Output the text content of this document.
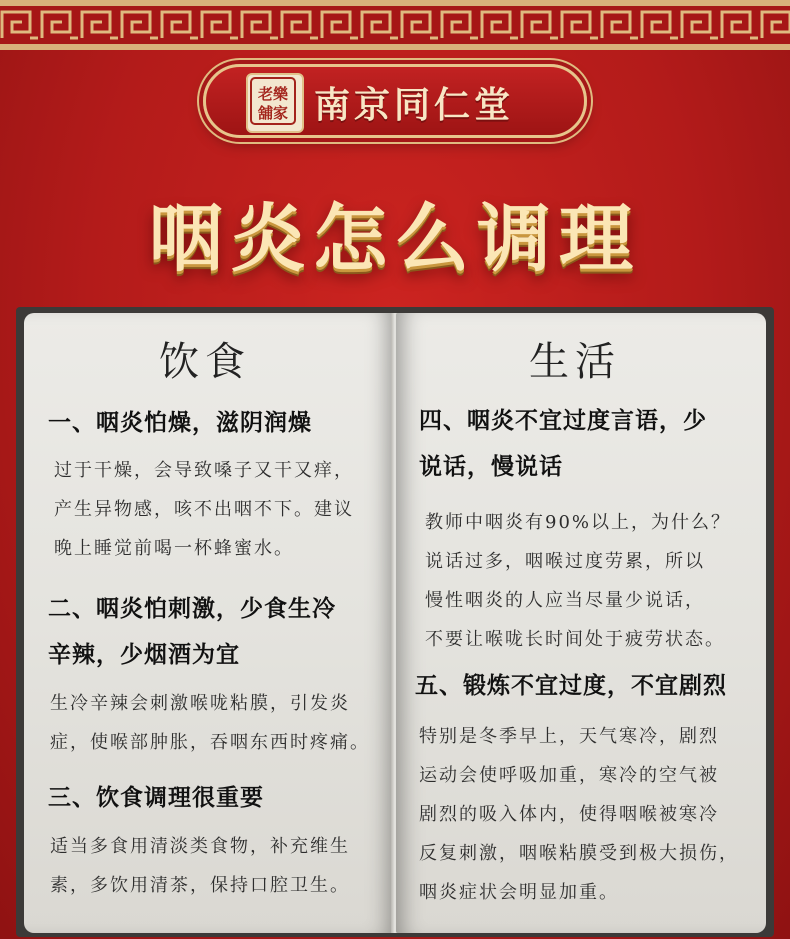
老樂
舖家 南京同仁堂
咽炎怎么调理
饮食
一、咽炎怕燥，滋阴润燥
过于干燥，会导致嗓子又干又痒，
产生异物感，咳不出咽不下。建议
晚上睡觉前喝一杯蜂蜜水。
二、咽炎怕刺激，少食生冷
辛辣，少烟酒为宜
生冷辛辣会刺激喉咙粘膜，引发炎
症，使喉部肿胀，吞咽东西时疼痛。
三、饮食调理很重要
适当多食用清淡类食物，补充维生
素，多饮用清茶，保持口腔卫生。
生活
四、咽炎不宜过度言语，少
说话，慢说话
教师中咽炎有90%以上，为什么？
说话过多，咽喉过度劳累，所以
慢性咽炎的人应当尽量少说话，
不要让喉咙长时间处于疲劳状态。
五、锻炼不宜过度，不宜剧烈
特别是冬季早上，天气寒冷，剧烈
运动会使呼吸加重，寒冷的空气被
剧烈的吸入体内，使得咽喉被寒冷
反复刺激，咽喉粘膜受到极大损伤，
咽炎症状会明显加重。
